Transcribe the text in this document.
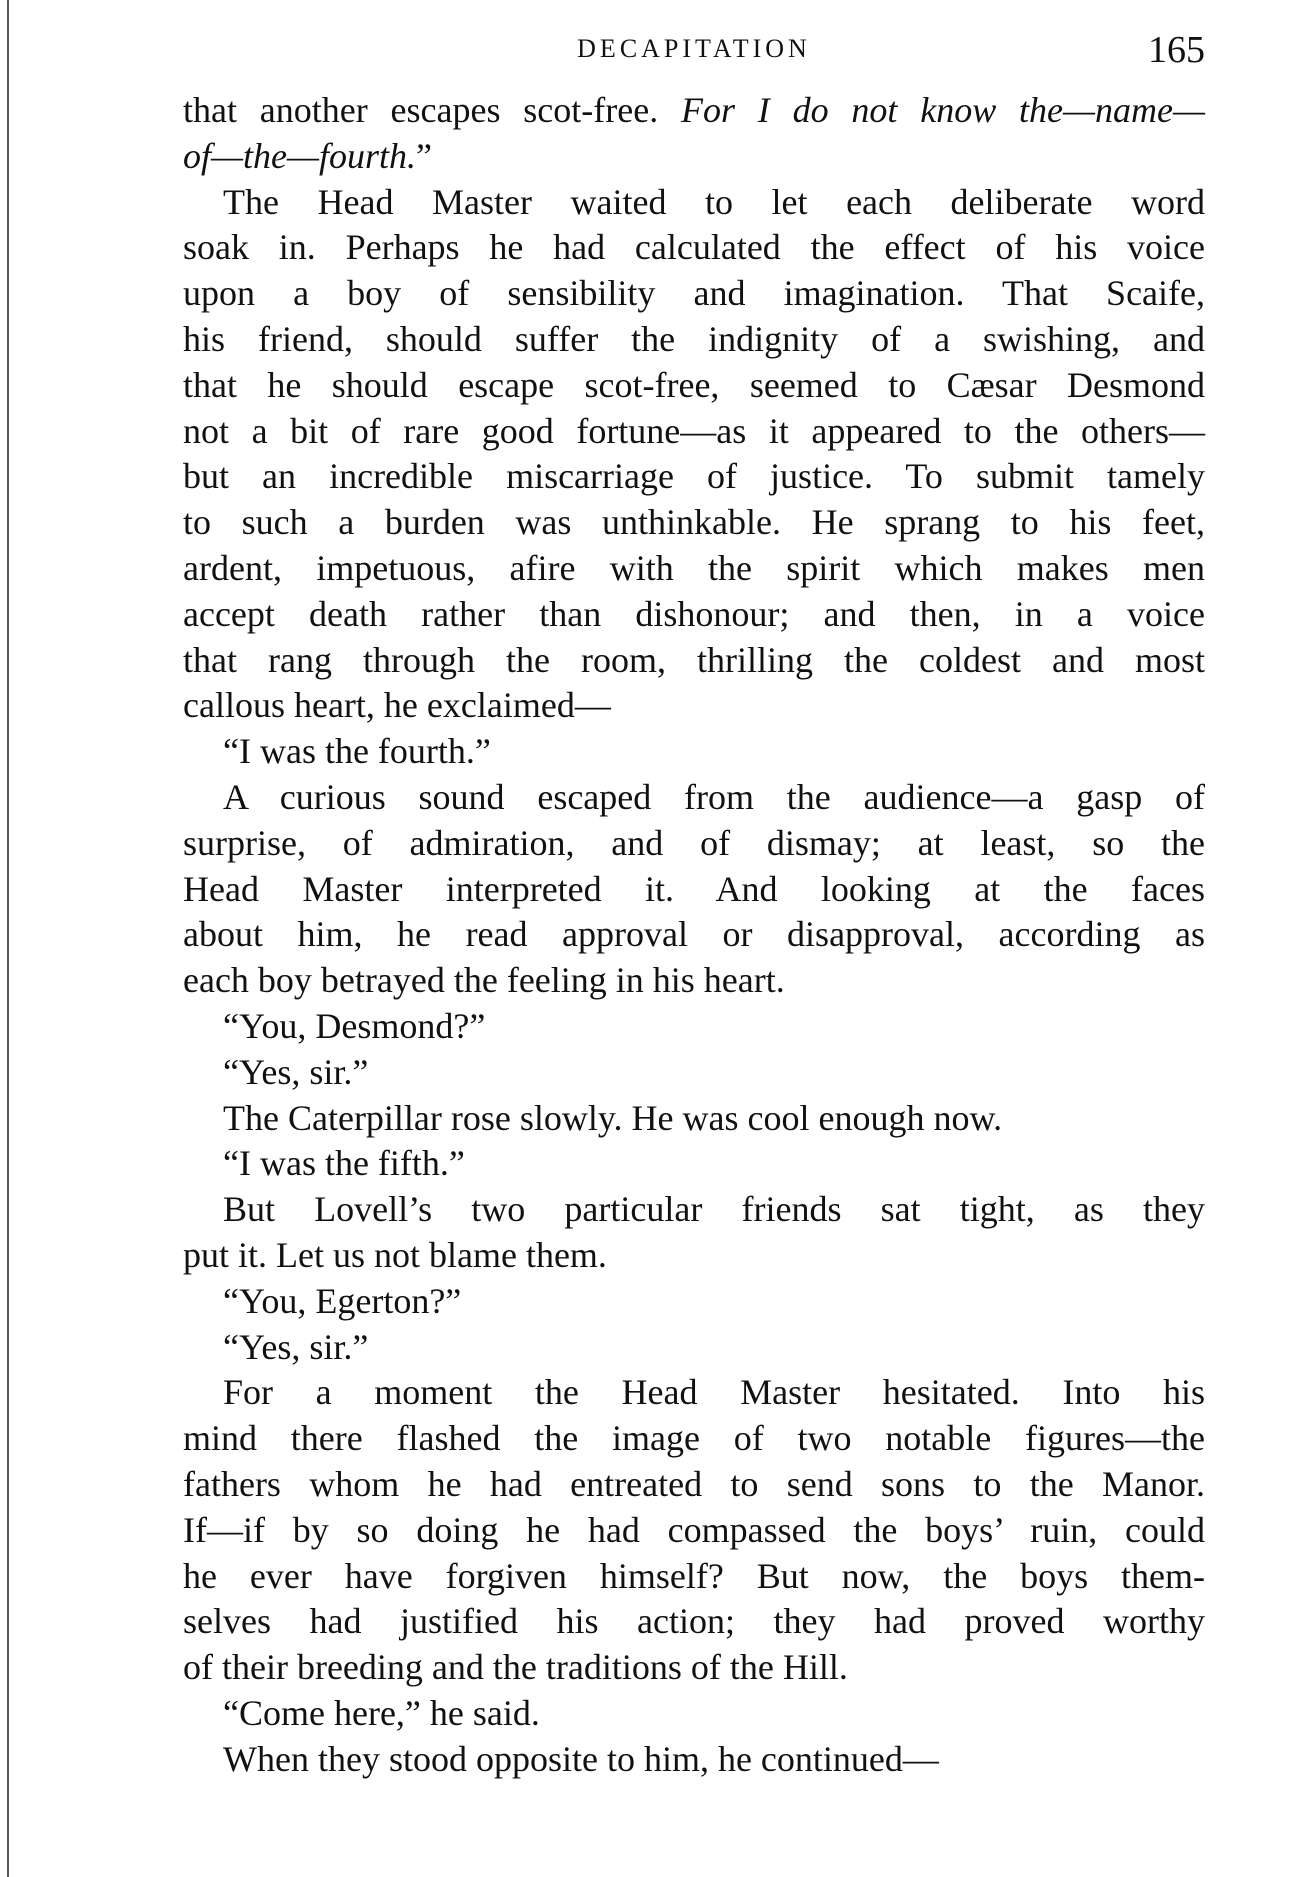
DECAPITATION	165
that another escapes scot-free. For I do not know the—name—
of—the—fourth.”
The Head Master waited to let each deliberate word
soak in. Perhaps he had calculated the effect of his voice
upon a boy of sensibility and imagination. That Scaife,
his friend, should suffer the indignity of a swishing, and
that he should escape scot-free, seemed to Cæsar Desmond
not a bit of rare good fortune—as it appeared to the others—
but an incredible miscarriage of justice. To submit tamely
to such a burden was unthinkable. He sprang to his feet,
ardent, impetuous, afire with the spirit which makes men
accept death rather than dishonour; and then, in a voice
that rang through the room, thrilling the coldest and most
callous heart, he exclaimed—
“I was the fourth.”
A curious sound escaped from the audience—a gasp of
surprise, of admiration, and of dismay; at least, so the
Head Master interpreted it. And looking at the faces
about him, he read approval or disapproval, according as
each boy betrayed the feeling in his heart.
“You, Desmond?”
“Yes, sir.”
The Caterpillar rose slowly. He was cool enough now.
“I was the fifth.”
But Lovell’s two particular friends sat tight, as they
put it. Let us not blame them.
“You, Egerton?”
“Yes, sir.”
For a moment the Head Master hesitated. Into his
mind there flashed the image of two notable figures—the
fathers whom he had entreated to send sons to the Manor.
If—if by so doing he had compassed the boys’ ruin, could
he ever have forgiven himself? But now, the boys them-
selves had justified his action; they had proved worthy
of their breeding and the traditions of the Hill.
“Come here,” he said.
When they stood opposite to him, he continued—
